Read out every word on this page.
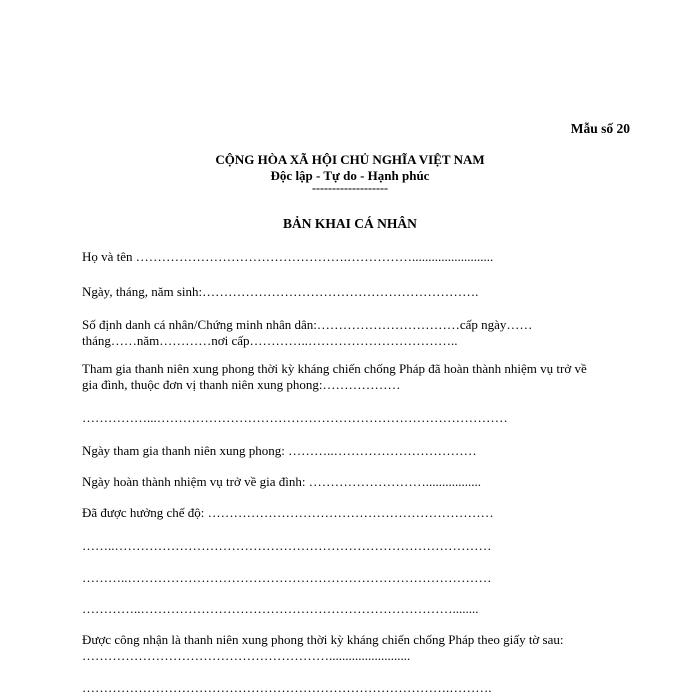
Mẫu số 20
CỘNG HÒA XÃ HỘI CHỦ NGHĨA VIỆT NAM
Độc lập - Tự do - Hạnh phúc
-------------------
BẢN KHAI CÁ NHÂN
Họ và tên ………………………………………….…………….........................
Ngày, tháng, năm sinh:……………………………………………………….
Số định danh cá nhân/Chứng minh nhân dân:……………………………cấp ngày……
tháng……năm…………nơi cấp…………..……………………………..
Tham gia thanh niên xung phong thời kỳ kháng chiến chống Pháp đã hoàn thành nhiệm vụ trở về
gia đình, thuộc đơn vị thanh niên xung phong:………………
……………...………………………………………………………………………
Ngày tham gia thanh niên xung phong: ………..……………………………
Ngày hoàn thành nhiệm vụ trở về gia đình: ……………………….................
Đã được hưởng chế độ: …………………………………………………………
……..……………………………………………………………………………
………..…………………………………………………………………………
…………..………………………………………………………………........
Được công nhận là thanh niên xung phong thời kỳ kháng chiến chống Pháp theo giấy tờ sau:
………………………………………………….........................
………………………………………………………………………….……….
